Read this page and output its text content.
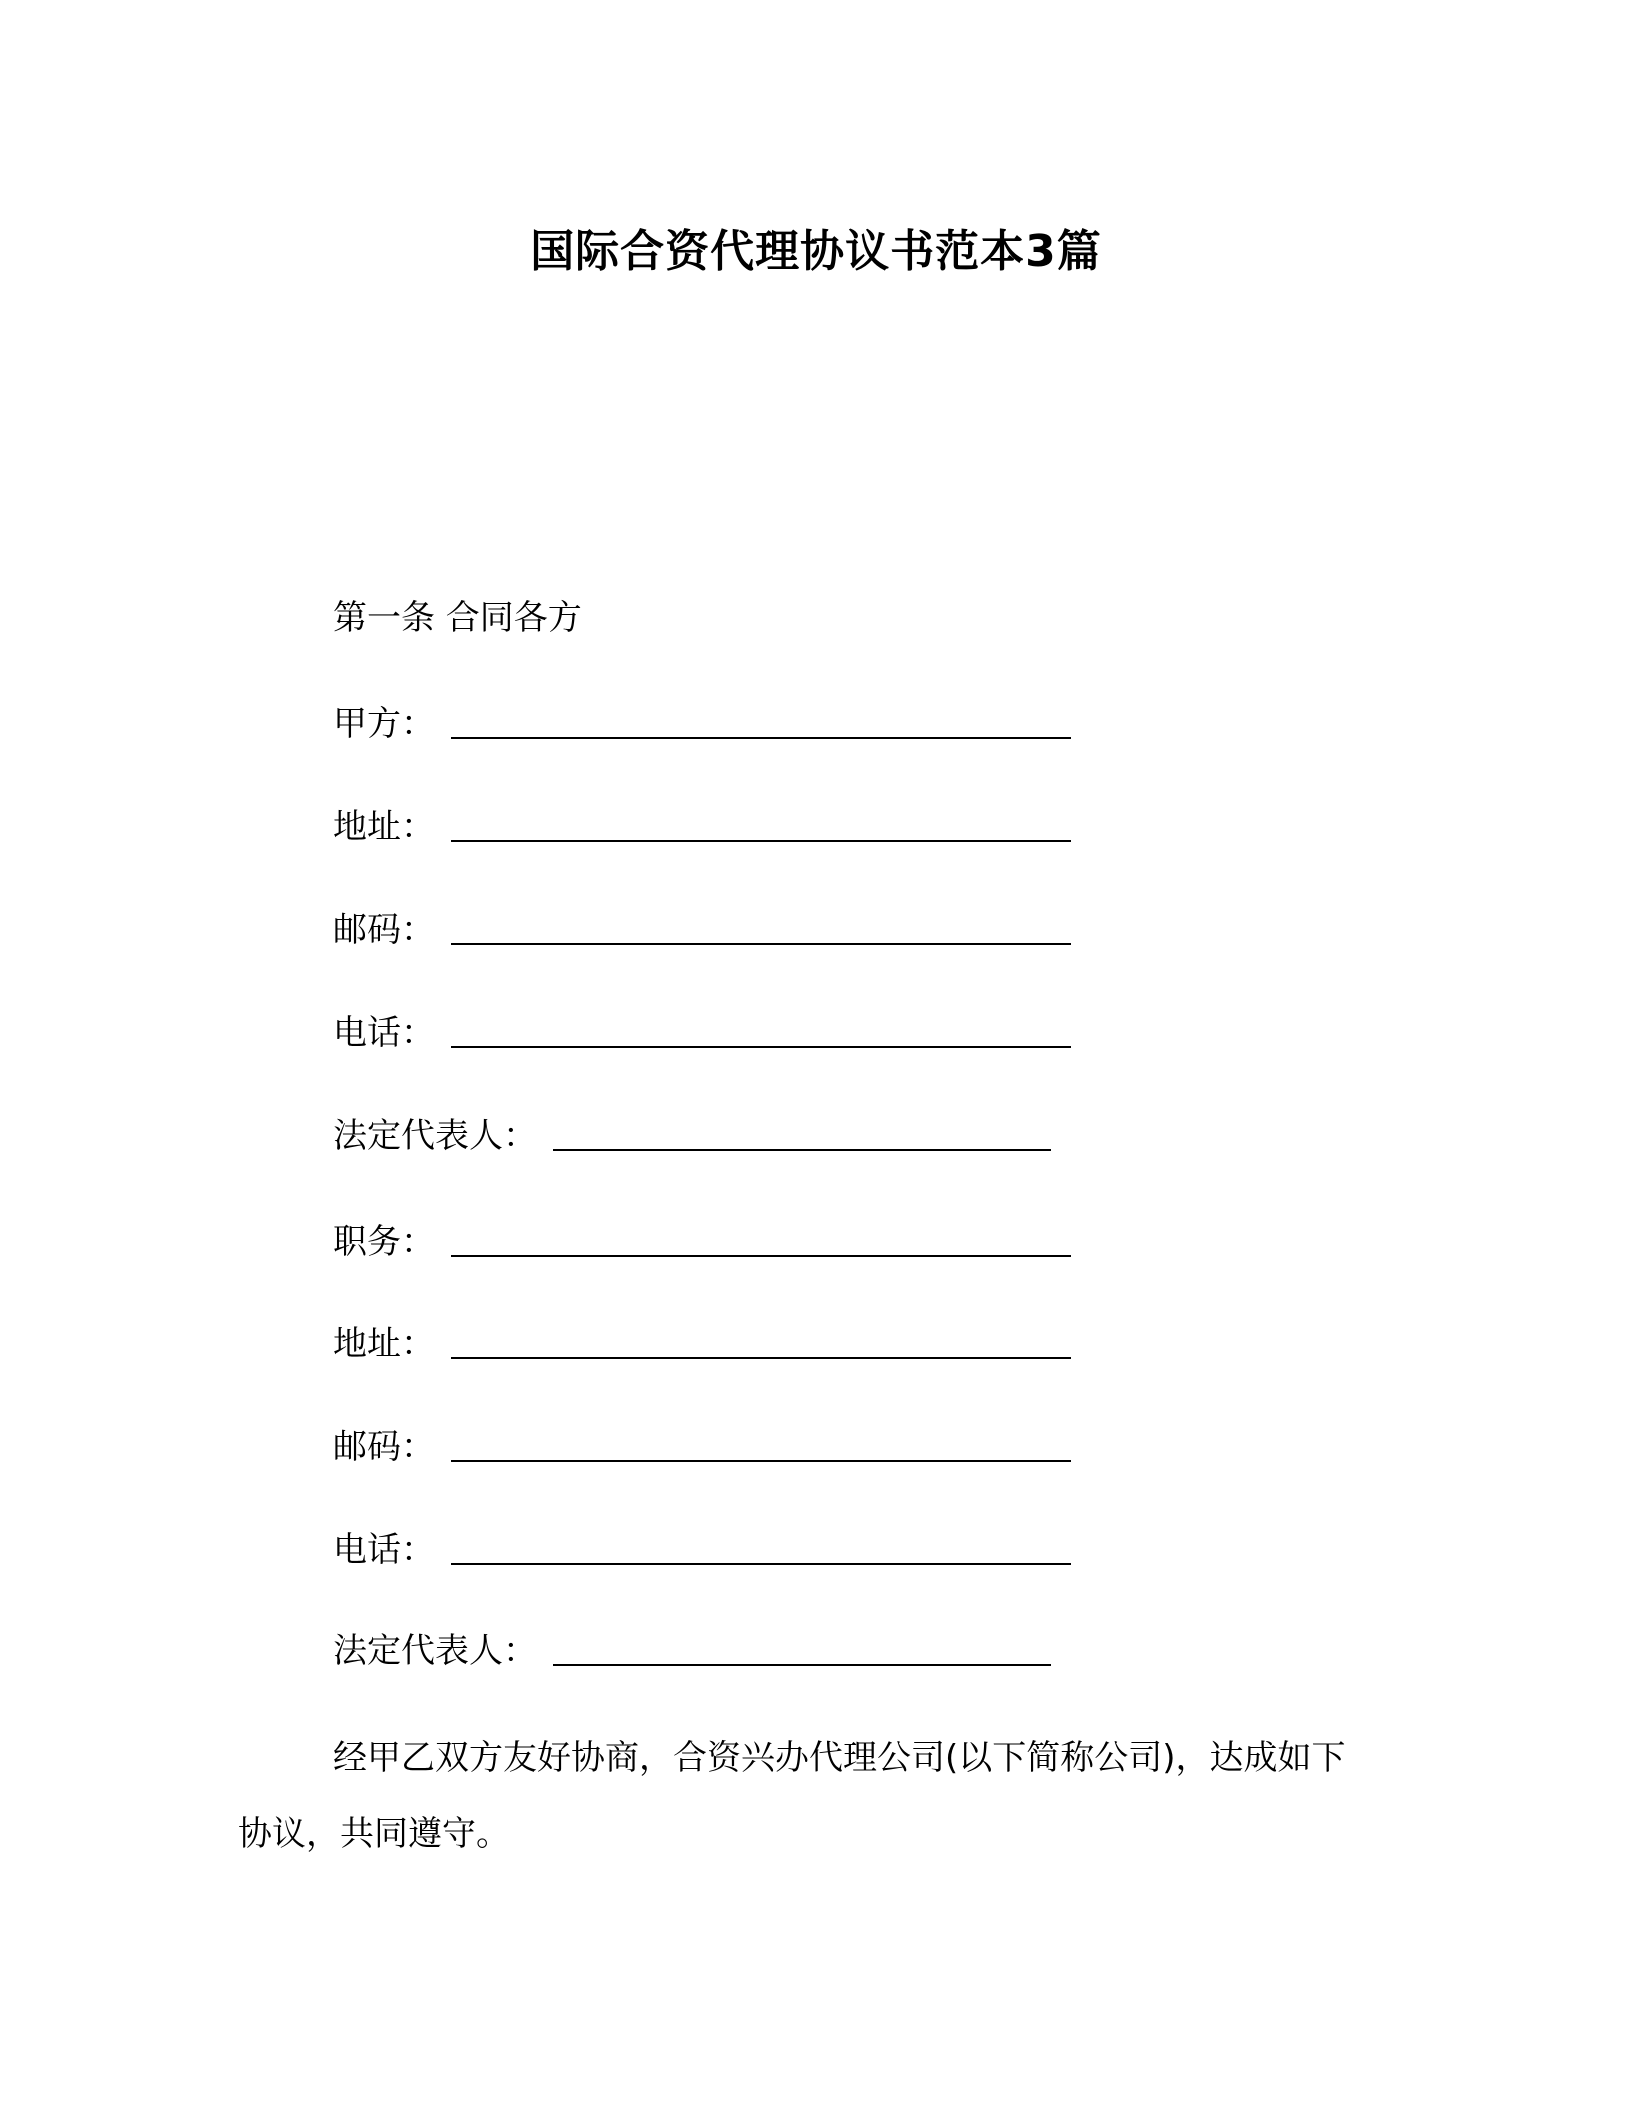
国际合资代理协议书范本3篇
第一条 合同各方
甲方：
地址：
邮码：
电话：
法定代表人：
职务：
地址：
邮码：
电话：
法定代表人：
经甲乙双方友好协商，合资兴办代理公司(以下简称公司)，达成如下协议，共同遵守。
